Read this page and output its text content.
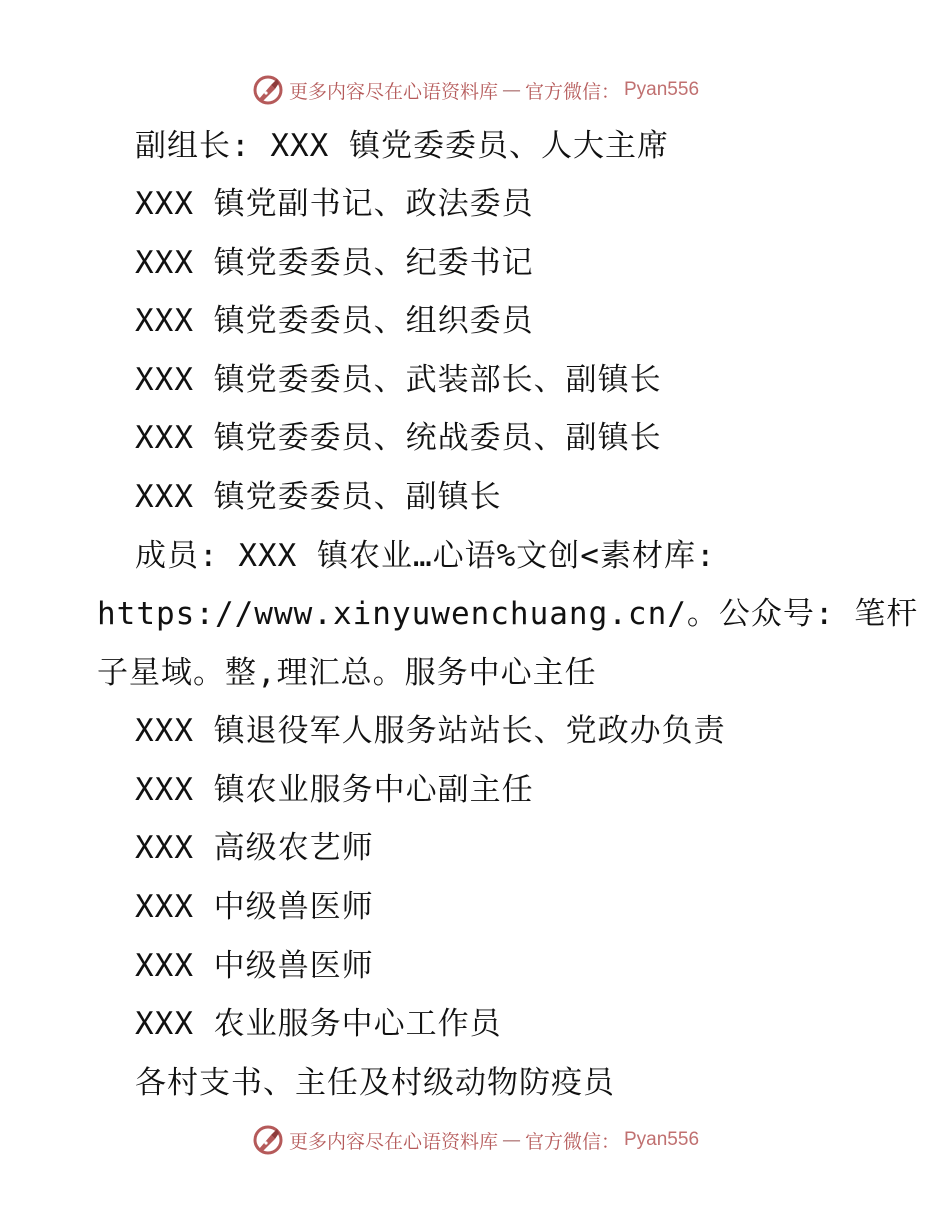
更多内容尽在心语资料库 — 官方微信： Pyan556
副组长: XXX 镇党委委员、人大主席
XXX 镇党副书记、政法委员
XXX 镇党委委员、纪委书记
XXX 镇党委委员、组织委员
XXX 镇党委委员、武装部长、副镇长
XXX 镇党委委员、统战委员、副镇长
XXX 镇党委委员、副镇长
成员: XXX 镇农业…心语%文创<素材库:
https://www.xinyuwenchuang.cn/。公众号: 笔杆
子星域。整,理汇总。服务中心主任
XXX 镇退役军人服务站站长、党政办负责
XXX 镇农业服务中心副主任
XXX 高级农艺师
XXX 中级兽医师
XXX 中级兽医师
XXX 农业服务中心工作员
各村支书、主任及村级动物防疫员
更多内容尽在心语资料库 — 官方微信： Pyan556
